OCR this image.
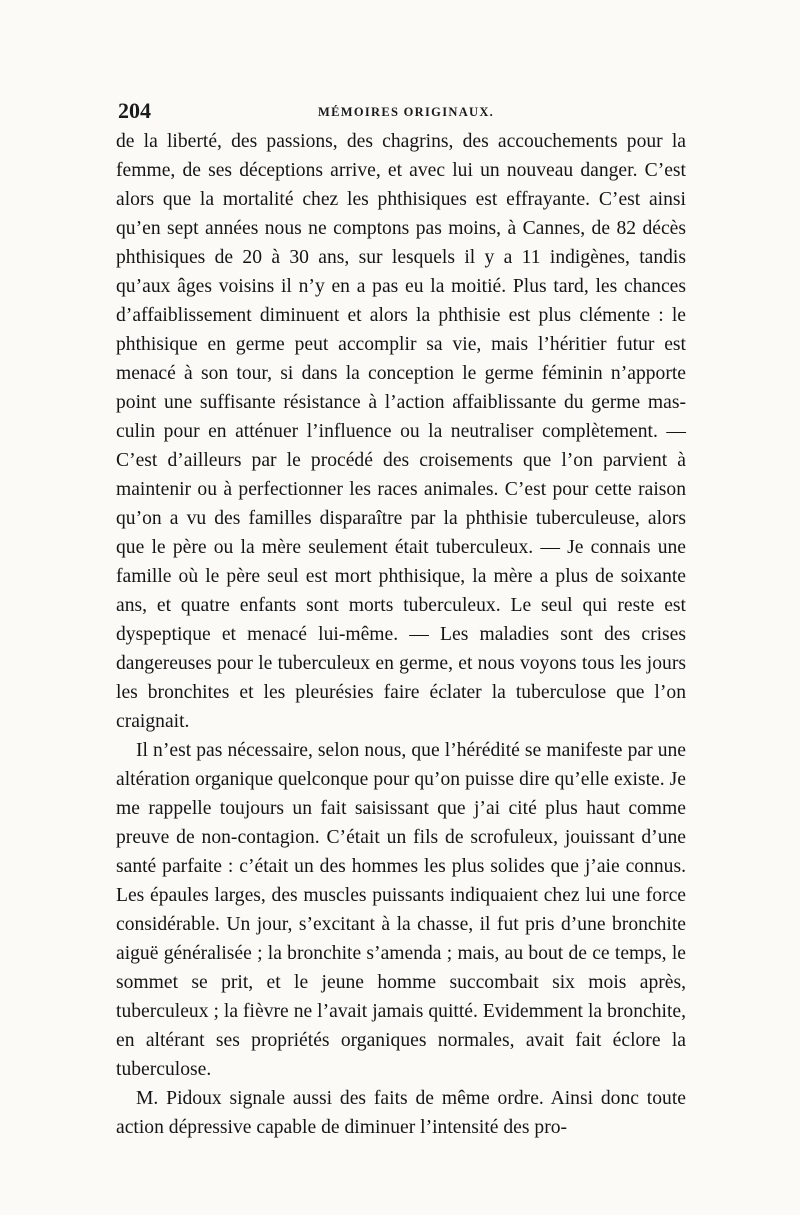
204	MÉMOIRES ORIGINAUX.

de la liberté, des passions, des chagrins, des accouchements pour la femme, de ses déceptions arrive, et avec lui un nouveau danger. C’est alors que la mortalité chez les phthisiques est effrayante. C’est ainsi qu’en sept années nous ne comptons pas moins, à Cannes, de 82 décès phthisiques de 20 à 30 ans, sur lesquels il y a 11 indigènes, tandis qu’aux âges voisins il n’y en a pas eu la moitié. Plus tard, les chances d’affaiblissement diminuent et alors la phthisie est plus clémente : le phthisique en germe peut accomplir sa vie, mais l’héritier futur est menacé à son tour, si dans la conception le germe féminin n’apporte point une suffisante résistance à l’action affaiblissante du germe masculin pour en atténuer l’influence ou la neutraliser complètement. — C’est d’ailleurs par le procédé des croisements que l’on parvient à maintenir ou à perfectionner les races animales. C’est pour cette raison qu’on a vu des familles disparaître par la phthisie tuberculeuse, alors que le père ou la mère seulement était tuberculeux. — Je connais une famille où le père seul est mort phthisique, la mère a plus de soixante ans, et quatre enfants sont morts tuberculeux. Le seul qui reste est dyspeptique et menacé lui-même. — Les maladies sont des crises dangereuses pour le tuberculeux en germe, et nous voyons tous les jours les bronchites et les pleurésies faire éclater la tuberculose que l’on craignait.

Il n’est pas nécessaire, selon nous, que l’hérédité se manifeste par une altération organique quelconque pour qu’on puisse dire qu’elle existe. Je me rappelle toujours un fait saisissant que j’ai cité plus haut comme preuve de non-contagion. C’était un fils de scrofuleux, jouissant d’une santé parfaite : c’était un des hommes les plus solides que j’aie connus. Les épaules larges, des muscles puissants indiquaient chez lui une force considérable. Un jour, s’excitant à la chasse, il fut pris d’une bronchite aiguë généralisée ; la bronchite s’amenda ; mais, au bout de ce temps, le sommet se prit, et le jeune homme succombait six mois après, tuberculeux ; la fièvre ne l’avait jamais quitté. Evidemment la bronchite, en altérant ses propriétés organiques normales, avait fait éclore la tuberculose.

M. Pidoux signale aussi des faits de même ordre. Ainsi donc toute action dépressive capable de diminuer l’intensité des pro-
